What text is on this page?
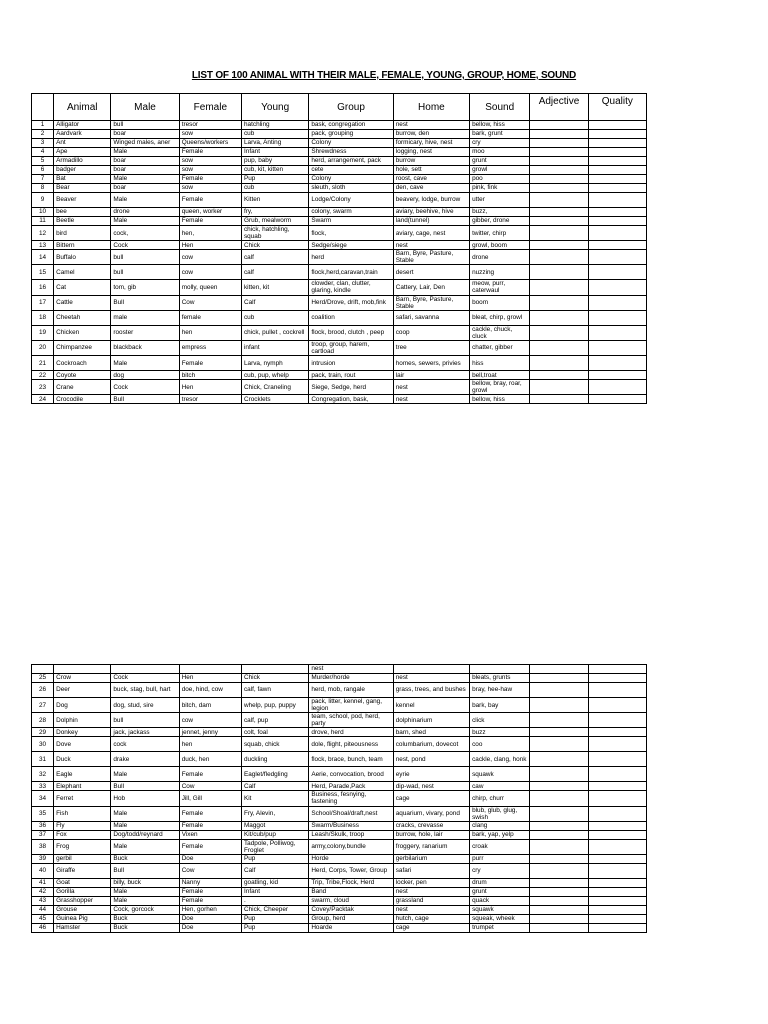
LIST OF 100 ANIMAL WITH THEIR MALE, FEMALE, YOUNG, GROUP, HOME, SOUND
	Animal	Male	Female	Young	Group	Home	Sound	Adjective	Quality
1	Alligator	bull	tresor	hatchling	bask, congregation	nest	bellow, hiss		
2	Aardvark	boar	sow	cub	pack, grouping	burrow, den	bark, grunt		
3	Ant	Winged males, aner	Queens/workers	Larva, Anting	Colony	formicary, hive, nest	cry		
4	Ape	Male	Female	Infant	Shrewdness	logging, nest	moo		
5	Armadillo	boar	sow	pup, baby	herd, arrangement, pack	burrow	grunt		
6	badger	boar	sow	cub, kit, kitten	cete	hole, sett	growl		
7	Bat	Male	Female	Pup	Colony	roost, cave	poo		
8	Bear	boar	sow	cub	sleuth, sloth	den, cave	pink, fink		
9	Beaver	Male	Female	Kitten	Lodge/Colony	beavery, lodge, burrow	utter		
10	bee	drone	queen, worker	fry,	colony, swarm	aviary, beehive, hive	buzz,		
11	Beetle	Male	Female	Grub, mealworm	Swarm	land(tunnel)	gibber, drone		
12	bird	cock,	hen,	chick, hatchling, squab	flock,	aviary, cage, nest	twitter, chirp		
13	Bittern	Cock	Hen	Chick	Sedge/siege	nest	growl, boom		
14	Buffalo	bull	cow	calf	herd	Barn, Byre, Pasture, Stable	drone		
15	Camel	bull	cow	calf	flock,herd,caravan,train	desert	nuzzing		
16	Cat	tom, gib	molly, queen	kitten, kit	clowder, clan, clutter, glaring, kindle	Cattery, Lair, Den	meow, purr, caterwaul		
17	Cattle	Bull	Cow	Calf	Herd/Drove, drift, mob,fink	Barn, Byre, Pasture, Stable	boom		
18	Cheetah	male	female	cub	coalition	safari, savanna	bleat, chirp, growl		
19	Chicken	rooster	hen	chick, pullet , cockrell	flock, brood, clutch , peep	coop	cackle, chuck, cluck		
20	Chimpanzee	blackback	empress	infant	troop, group, harem, cartload	tree	chatter, gibber		
21	Cockroach	Male	Female	Larva, nymph	intrusion	homes, sewers, privies	hiss		
22	Coyote	dog	bitch	cub, pup, whelp	pack, train, rout	lair	bell,troat		
23	Crane	Cock	Hen	Chick, Craneling	Siege, Sedge, herd	nest	bellow, bray, roar, growl		
24	Crocodile	Bull	tresor	Crocklets	Congregation, bask,	nest	bellow, hiss		
					nest				
25	Crow	Cock	Hen	Chick	Murder/horde	nest	bleats, grunts		
26	Deer	buck, stag, bull, hart	doe, hind, cow	calf, fawn	herd, mob, rangale	grass, trees, and bushes	bray, hee-haw		
27	Dog	dog, stud, sire	bitch, dam	whelp, pup, puppy	pack, litter, kennel, gang, legion	kennel	bark, bay		
28	Dolphin	bull	cow	calf, pup	team, school, pod, herd, party	dolphinarium	click		
29	Donkey	jack, jackass	jennet, jenny	colt, foal	drove, herd	barn, shed	buzz		
30	Dove	cock	hen	squab, chick	dole, flight, piteousness	columbarium, dovecot	coo		
31	Duck	drake	duck, hen	duckling	flock, brace, bunch, team	nest, pond	cackle, clang, honk		
32	Eagle	Male	Female	Eaglet/fledgling	Aerie, convocation, brood	eyrie	squawk		
33	Elephant	Bull	Cow	Calf	Herd, Parade,Pack	dip-wad, nest	caw		
34	Ferret	Hob	Jill, Gill	Kit	Business, fesnying, fastening	cage	chirp, churr		
35	Fish	Male	Female	Fry, Alevin,	School/Shoal/draft,nest	aquarium, vivary, pond	blub, glub, glug, swish		
36	Fly	Male	Female	Maggot	Swarm/Business	cracks, crevasse	clang		
37	Fox	Dog/todd/reynard	Vixen	Kit/cub/pup	Leash/Skulk, troop	burrow, hole, lair	bark, yap, yelp		
38	Frog	Male	Female	Tadpole, Polliwog, Froglet	army,colony,bundle	froggery, ranarium	croak		
39	gerbil	Buck	Doe	Pup	Horde	gerbilarium	purr		
40	Giraffe	Bull	Cow	Calf	Herd, Corps, Tower, Group	safari	cry		
41	Goat	billy, buck	Nanny	goatling, kid	Trip, Tribe,Flock, Herd	locker, pen	drum		
42	Gorilla	Male	Female	Infant	Band	nest	grunt		
43	Grasshopper	Male	Female	.	swarm, cloud	grassland	quack		
44	Grouse	Cock, gorcock	Hen, gorhen	Chick, Cheeper	Covey/Packtak	nest	squawk		
45	Guinea Pig	Buck	Doe	Pup	Group, herd	hutch, cage	squeak, wheek		
46	Hamster	Buck	Doe	Pup	Hoarde	cage	trumpet		
